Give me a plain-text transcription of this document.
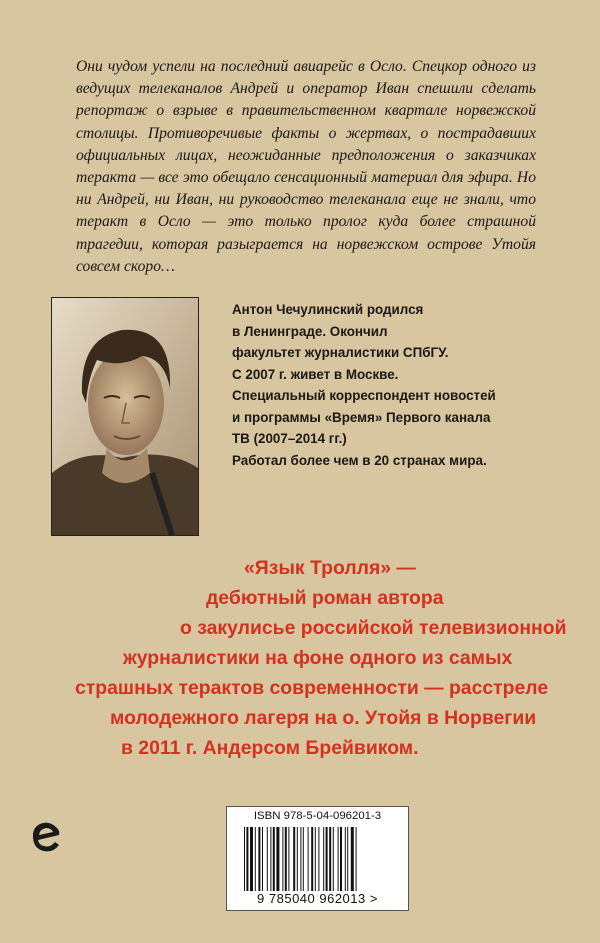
Они чудом успели на последний авиарейс в Осло. Спецкор одного из ведущих телеканалов Андрей и оператор Иван спешили сделать репортаж о взрыве в правительственном квартале норвежской столицы. Противоречивые факты о жертвах, о пострадавших официальных лицах, неожиданные предположения о заказчиках теракта — все это обещало сенсационный материал для эфира. Но ни Андрей, ни Иван, ни руководство телеканала еще не знали, что теракт в Осло — это только пролог куда более страшной трагедии, которая разыграется на норвежском острове Утойя совсем скоро…

Антон Чечулинский родился
в Ленинграде. Окончил
факультет журналистики СПбГУ.
С 2007 г. живет в Москве.
Специальный корреспондент новостей
и программы «Время» Первого канала
ТВ (2007–2014 гг.)
Работал более чем в 20 странах мира.
«Язык Тролля» —
дебютный роман автора
о закулисье российской телевизионной
журналистики на фоне одного из самых
страшных терактов современности — расстреле
молодежного лагеря на о. Утойя в Норвегии
в 2011 г. Андерсом Брейвиком.
ISBN 978-5-04-096201-3
9 785040 962013 >
